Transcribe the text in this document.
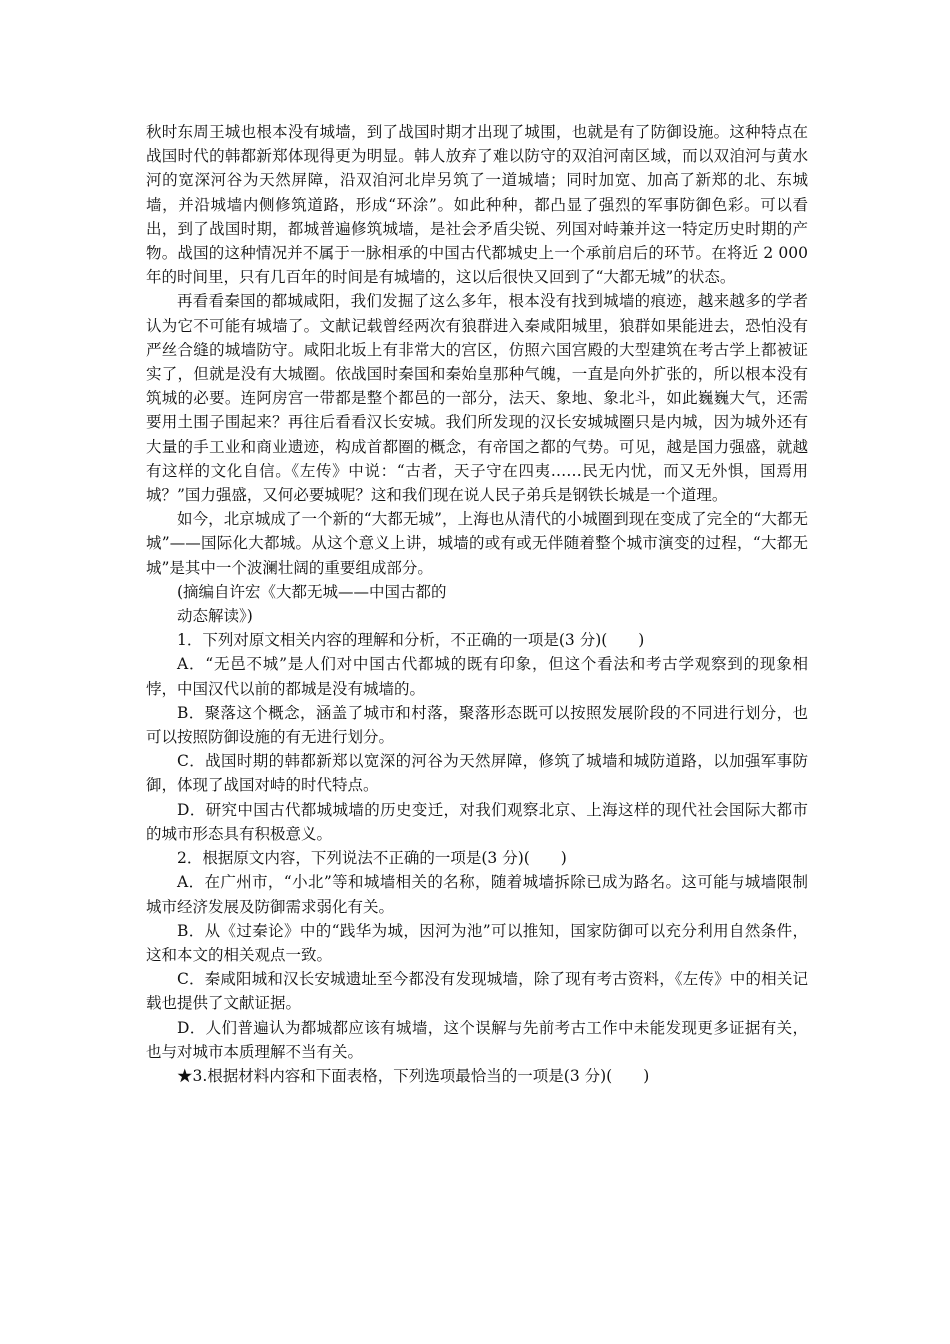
秋时东周王城也根本没有城墙，到了战国时期才出现了城围，也就是有了防御设施。这种特点在战国时代的韩都新郑体现得更为明显。韩人放弃了难以防守的双洎河南区域，而以双洎河与黄水河的宽深河谷为天然屏障，沿双洎河北岸另筑了一道城墙；同时加宽、加高了新郑的北、东城墙，并沿城墙内侧修筑道路，形成“环涂”。如此种种，都凸显了强烈的军事防御色彩。可以看出，到了战国时期，都城普遍修筑城墙，是社会矛盾尖锐、列国对峙兼并这一特定历史时期的产物。战国的这种情况并不属于一脉相承的中国古代都城史上一个承前启后的环节。在将近 2 000 年的时间里，只有几百年的时间是有城墙的，这以后很快又回到了“大都无城”的状态。

再看看秦国的都城咸阳，我们发掘了这么多年，根本没有找到城墙的痕迹，越来越多的学者认为它不可能有城墙了。文献记载曾经两次有狼群进入秦咸阳城里，狼群如果能进去，恐怕没有严丝合缝的城墙防守。咸阳北坂上有非常大的宫区，仿照六国宫殿的大型建筑在考古学上都被证实了，但就是没有大城圈。依战国时秦国和秦始皇那种气魄，一直是向外扩张的，所以根本没有筑城的必要。连阿房宫一带都是整个都邑的一部分，法天、象地、象北斗，如此巍巍大气，还需要用土围子围起来？再往后看看汉长安城。我们所发现的汉长安城城圈只是内城，因为城外还有大量的手工业和商业遗迹，构成首都圈的概念，有帝国之都的气势。可见，越是国力强盛，就越有这样的文化自信。《左传》中说：“古者，天子守在四夷……民无内忧，而又无外惧，国焉用城？”国力强盛，又何必要城呢？这和我们现在说人民子弟兵是钢铁长城是一个道理。

如今，北京城成了一个新的“大都无城”，上海也从清代的小城圈到现在变成了完全的“大都无城”——国际化大都城。从这个意义上讲，城墙的或有或无伴随着整个城市演变的过程，“大都无城”是其中一个波澜壮阔的重要组成部分。

(摘编自许宏《大都无城——中国古都的

动态解读》)

1．下列对原文相关内容的理解和分析，不正确的一项是(3 分)(　　)

A．“无邑不城”是人们对中国古代都城的既有印象，但这个看法和考古学观察到的现象相悖，中国汉代以前的都城是没有城墙的。

B．聚落这个概念，涵盖了城市和村落，聚落形态既可以按照发展阶段的不同进行划分，也可以按照防御设施的有无进行划分。

C．战国时期的韩都新郑以宽深的河谷为天然屏障，修筑了城墙和城防道路，以加强军事防御，体现了战国对峙的时代特点。

D．研究中国古代都城城墙的历史变迁，对我们观察北京、上海这样的现代社会国际大都市的城市形态具有积极意义。

2．根据原文内容，下列说法不正确的一项是(3 分)(　　)

A．在广州市，“小北”等和城墙相关的名称，随着城墙拆除已成为路名。这可能与城墙限制城市经济发展及防御需求弱化有关。

B．从《过秦论》中的“践华为城，因河为池”可以推知，国家防御可以充分利用自然条件，这和本文的相关观点一致。

C．秦咸阳城和汉长安城遗址至今都没有发现城墙，除了现有考古资料，《左传》中的相关记载也提供了文献证据。

D．人们普遍认为都城都应该有城墙，这个误解与先前考古工作中未能发现更多证据有关，也与对城市本质理解不当有关。

★3.根据材料内容和下面表格，下列选项最恰当的一项是(3 分)(　　)
